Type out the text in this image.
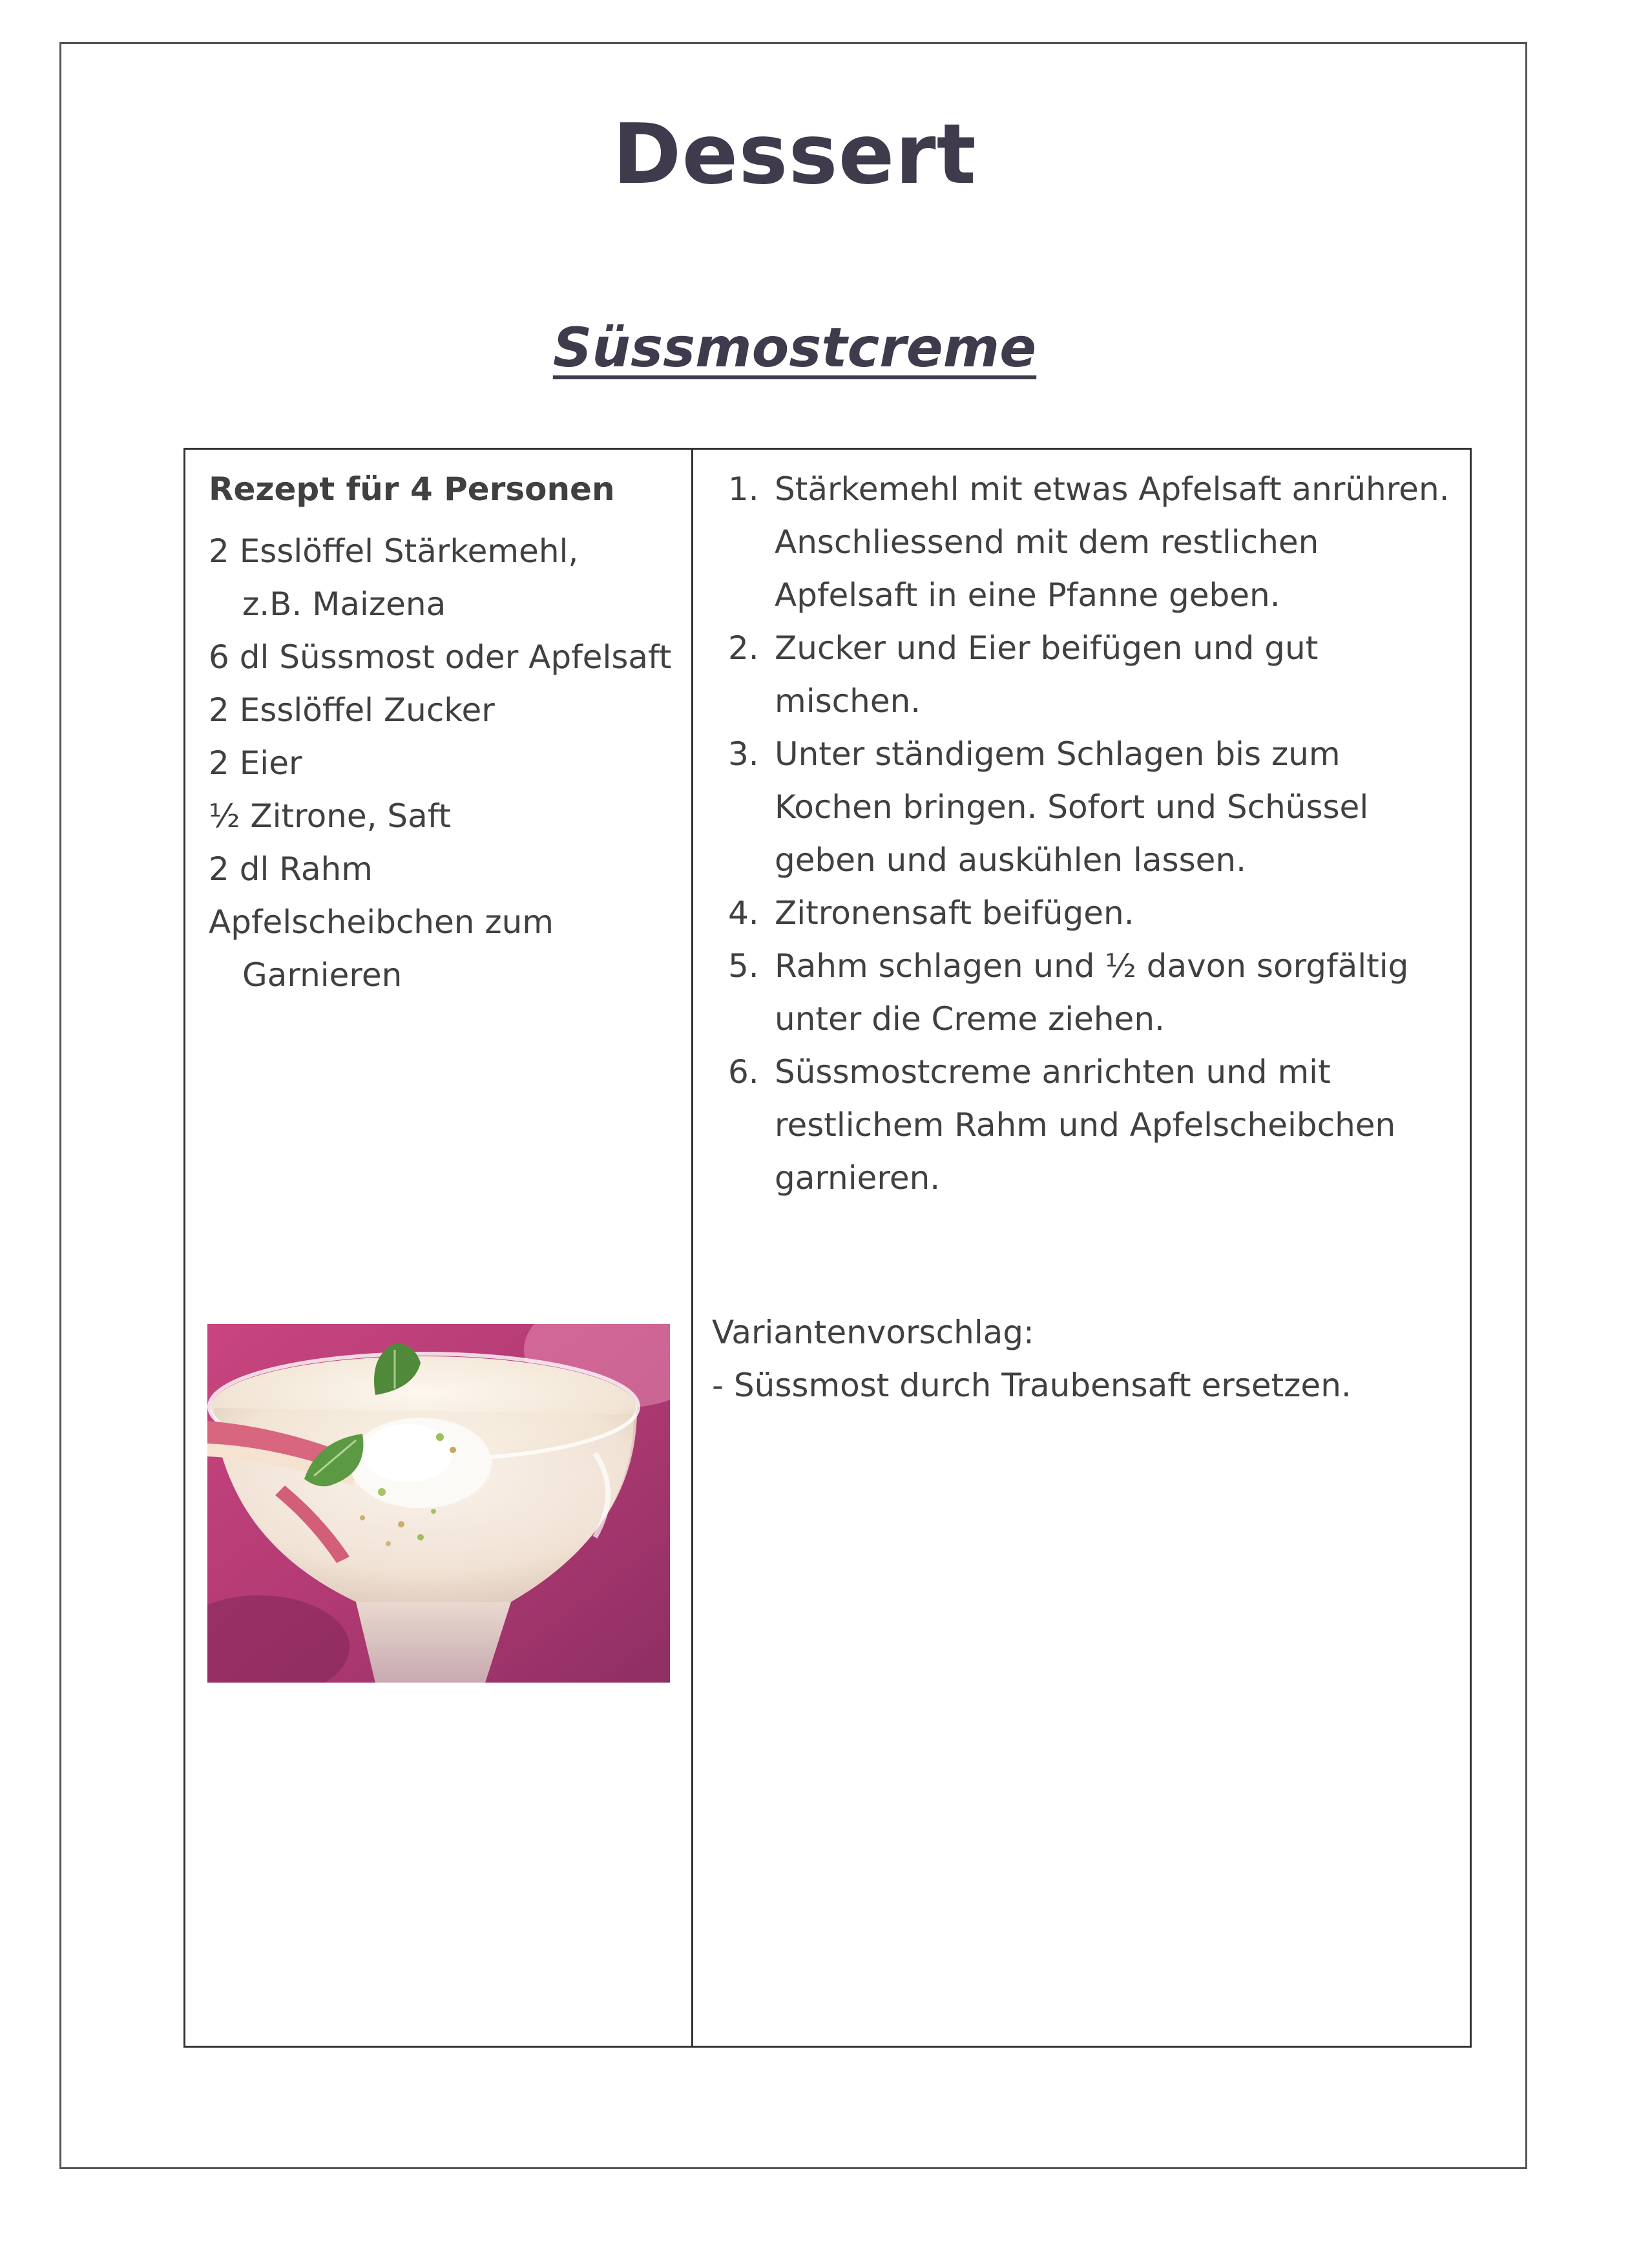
Dessert
Süssmostcreme
Rezept für 4 Personen
2 Esslöffel Stärkemehl,
z.B. Maizena
6 dl Süssmost oder Apfelsaft
2 Esslöffel Zucker
2 Eier
½ Zitrone, Saft
2 dl Rahm
Apfelscheibchen zum
Garnieren
1. Stärkemehl mit etwas Apfelsaft anrühren. Anschliessend mit dem restlichen Apfelsaft in eine Pfanne geben.
2. Zucker und Eier beifügen und gut mischen.
3. Unter ständigem Schlagen bis zum Kochen bringen. Sofort und Schüssel geben und auskühlen lassen.
4. Zitronensaft beifügen.
5. Rahm schlagen und ½ davon sorgfältig unter die Creme ziehen.
6. Süssmostcreme anrichten und mit restlichem Rahm und Apfelscheibchen garnieren.
Variantenvorschlag:
- Süssmost durch Traubensaft ersetzen.
